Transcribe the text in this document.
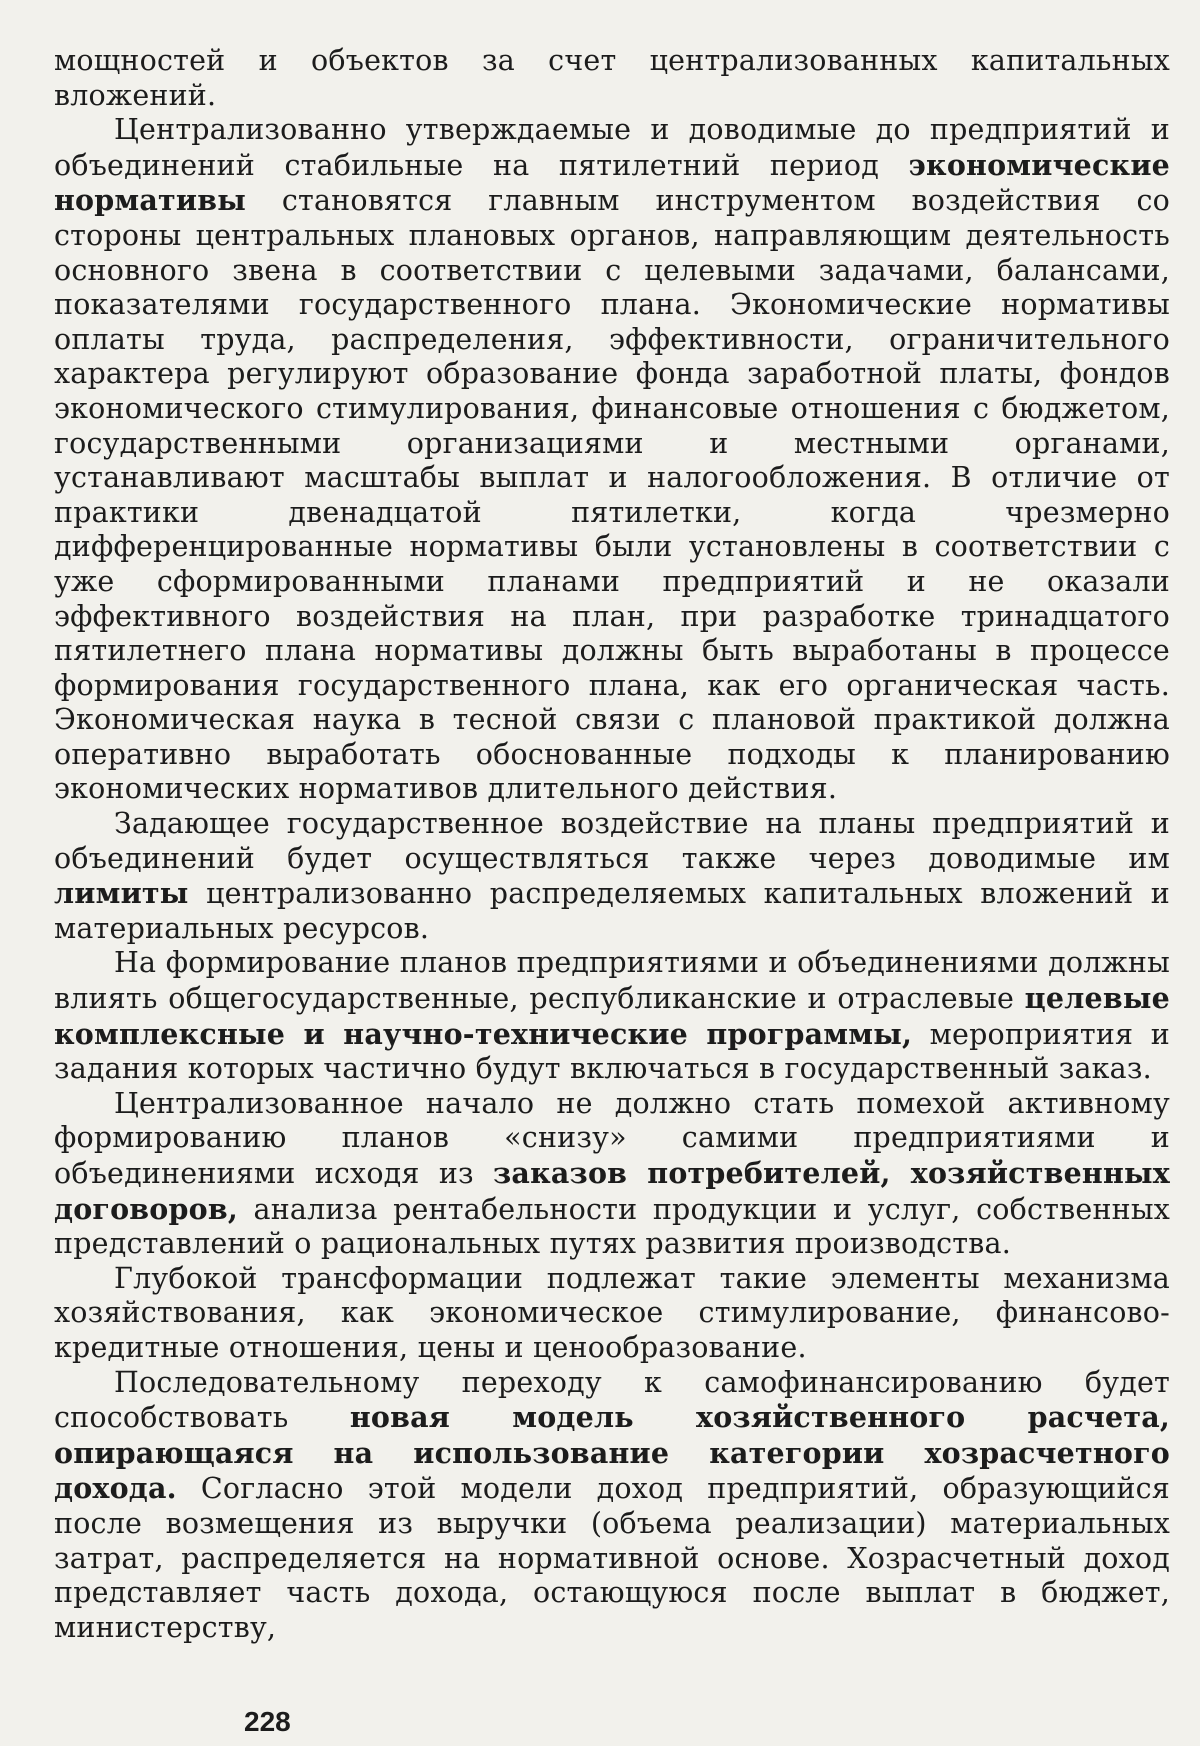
мощностей и объектов за счет централизованных капитальных вложений.

Централизованно утверждаемые и доводимые до предприятий и объединений стабильные на пятилетний период экономические нормативы становятся главным инструментом воздействия со стороны центральных плановых органов, направляющим деятельность основного звена в соответствии с целевыми задачами, балансами, показателями государственного плана. Экономические нормативы оплаты труда, распределения, эффективности, ограничительного характера регулируют образование фонда заработной платы, фондов экономического стимулирования, финансовые отношения с бюджетом, государственными организациями и местными органами, устанавливают масштабы выплат и налогообложения. В отличие от практики двенадцатой пятилетки, когда чрезмерно дифференцированные нормативы были установлены в соответствии с уже сформированными планами предприятий и не оказали эффективного воздействия на план, при разработке тринадцатого пятилетнего плана нормативы должны быть выработаны в процессе формирования государственного плана, как его органическая часть. Экономическая наука в тесной связи с плановой практикой должна оперативно выработать обоснованные подходы к планированию экономических нормативов длительного действия.

Задающее государственное воздействие на планы предприятий и объединений будет осуществляться также через доводимые им лимиты централизованно распределяемых капитальных вложений и материальных ресурсов.

На формирование планов предприятиями и объединениями должны влиять общегосударственные, республиканские и отраслевые целевые комплексные и научно-технические программы, мероприятия и задания которых частично будут включаться в государственный заказ.

Централизованное начало не должно стать помехой активному формированию планов «снизу» самими предприятиями и объединениями исходя из заказов потребителей, хозяйственных договоров, анализа рентабельности продукции и услуг, собственных представлений о рациональных путях развития производства.

Глубокой трансформации подлежат такие элементы механизма хозяйствования, как экономическое стимулирование, финансово-кредитные отношения, цены и ценообразование.

Последовательному переходу к самофинансированию будет способствовать новая модель хозяйственного расчета, опирающаяся на использование категории хозрасчетного дохода. Согласно этой модели доход предприятий, образующийся после возмещения из выручки (объема реализации) материальных затрат, распределяется на нормативной основе. Хозрасчетный доход представляет часть дохода, остающуюся после выплат в бюджет, министерству,

228
